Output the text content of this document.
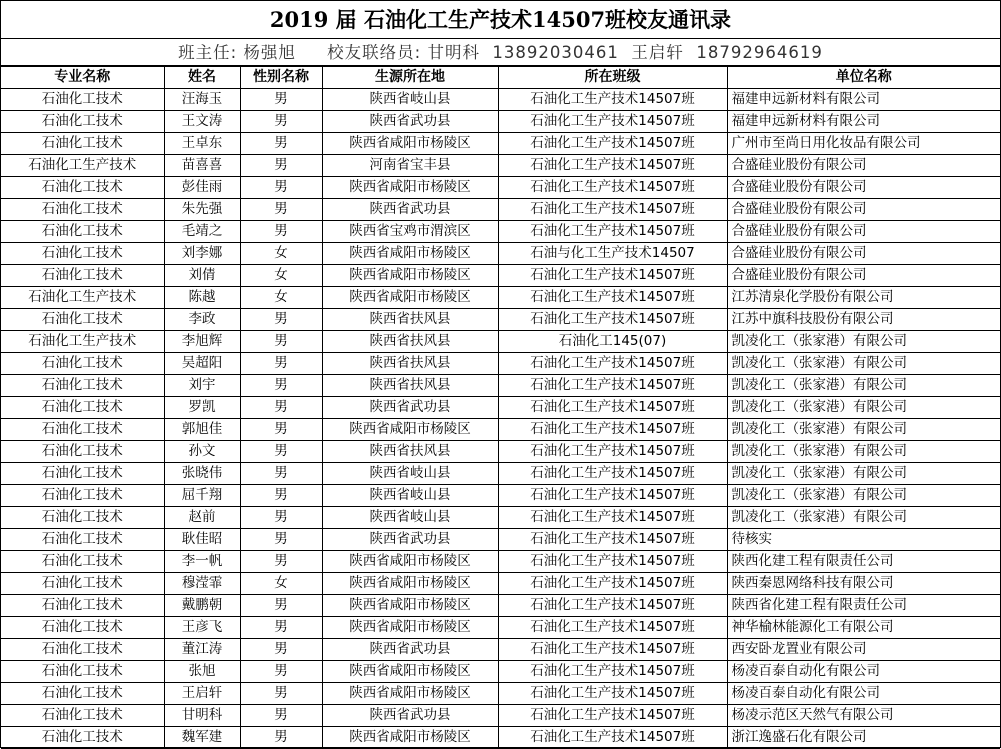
2019 届 石油化工生产技术14507班校友通讯录
班主任: 杨强旭     校友联络员: 甘明科  13892030461  王启轩  18792964619
专业名称	姓名	性别名称	生源所在地	所在班级	单位名称
石油化工技术	汪海玉	男	陕西省岐山县	石油化工生产技术14507班	福建申远新材料有限公司
石油化工技术	王文涛	男	陕西省武功县	石油化工生产技术14507班	福建申远新材料有限公司
石油化工技术	王卓东	男	陕西省咸阳市杨陵区	石油化工生产技术14507班	广州市至尚日用化妆品有限公司
石油化工生产技术	苗喜喜	男	河南省宝丰县	石油化工生产技术14507班	合盛硅业股份有限公司
石油化工技术	彭佳雨	男	陕西省咸阳市杨陵区	石油化工生产技术14507班	合盛硅业股份有限公司
石油化工技术	朱先强	男	陕西省武功县	石油化工生产技术14507班	合盛硅业股份有限公司
石油化工技术	毛靖之	男	陕西省宝鸡市渭滨区	石油化工生产技术14507班	合盛硅业股份有限公司
石油化工技术	刘李娜	女	陕西省咸阳市杨陵区	石油与化工生产技术14507	合盛硅业股份有限公司
石油化工技术	刘倩	女	陕西省咸阳市杨陵区	石油化工生产技术14507班	合盛硅业股份有限公司
石油化工生产技术	陈越	女	陕西省咸阳市杨陵区	石油化工生产技术14507班	江苏清泉化学股份有限公司
石油化工技术	李政	男	陕西省扶风县	石油化工生产技术14507班	江苏中旗科技股份有限公司
石油化工生产技术	李旭辉	男	陕西省扶风县	石油化工145(07)	凯凌化工（张家港）有限公司
石油化工技术	吴超阳	男	陕西省扶风县	石油化工生产技术14507班	凯凌化工（张家港）有限公司
石油化工技术	刘宇	男	陕西省扶风县	石油化工生产技术14507班	凯凌化工（张家港）有限公司
石油化工技术	罗凯	男	陕西省武功县	石油化工生产技术14507班	凯凌化工（张家港）有限公司
石油化工技术	郭旭佳	男	陕西省咸阳市杨陵区	石油化工生产技术14507班	凯凌化工（张家港）有限公司
石油化工技术	孙文	男	陕西省扶风县	石油化工生产技术14507班	凯凌化工（张家港）有限公司
石油化工技术	张晓伟	男	陕西省岐山县	石油化工生产技术14507班	凯凌化工（张家港）有限公司
石油化工技术	屈千翔	男	陕西省岐山县	石油化工生产技术14507班	凯凌化工（张家港）有限公司
石油化工技术	赵前	男	陕西省岐山县	石油化工生产技术14507班	凯凌化工（张家港）有限公司
石油化工技术	耿佳昭	男	陕西省武功县	石油化工生产技术14507班	待核实
石油化工技术	李一帆	男	陕西省咸阳市杨陵区	石油化工生产技术14507班	陕西化建工程有限责任公司
石油化工技术	穆滢霏	女	陕西省咸阳市杨陵区	石油化工生产技术14507班	陕西秦恩网络科技有限公司
石油化工技术	戴鹏朝	男	陕西省咸阳市杨陵区	石油化工生产技术14507班	陕西省化建工程有限责任公司
石油化工技术	王彦飞	男	陕西省咸阳市杨陵区	石油化工生产技术14507班	神华榆林能源化工有限公司
石油化工技术	董江涛	男	陕西省武功县	石油化工生产技术14507班	西安卧龙置业有限公司
石油化工技术	张旭	男	陕西省咸阳市杨陵区	石油化工生产技术14507班	杨凌百泰自动化有限公司
石油化工技术	王启轩	男	陕西省咸阳市杨陵区	石油化工生产技术14507班	杨凌百泰自动化有限公司
石油化工技术	甘明科	男	陕西省武功县	石油化工生产技术14507班	杨凌示范区天然气有限公司
石油化工技术	魏军建	男	陕西省咸阳市杨陵区	石油化工生产技术14507班	浙江逸盛石化有限公司
